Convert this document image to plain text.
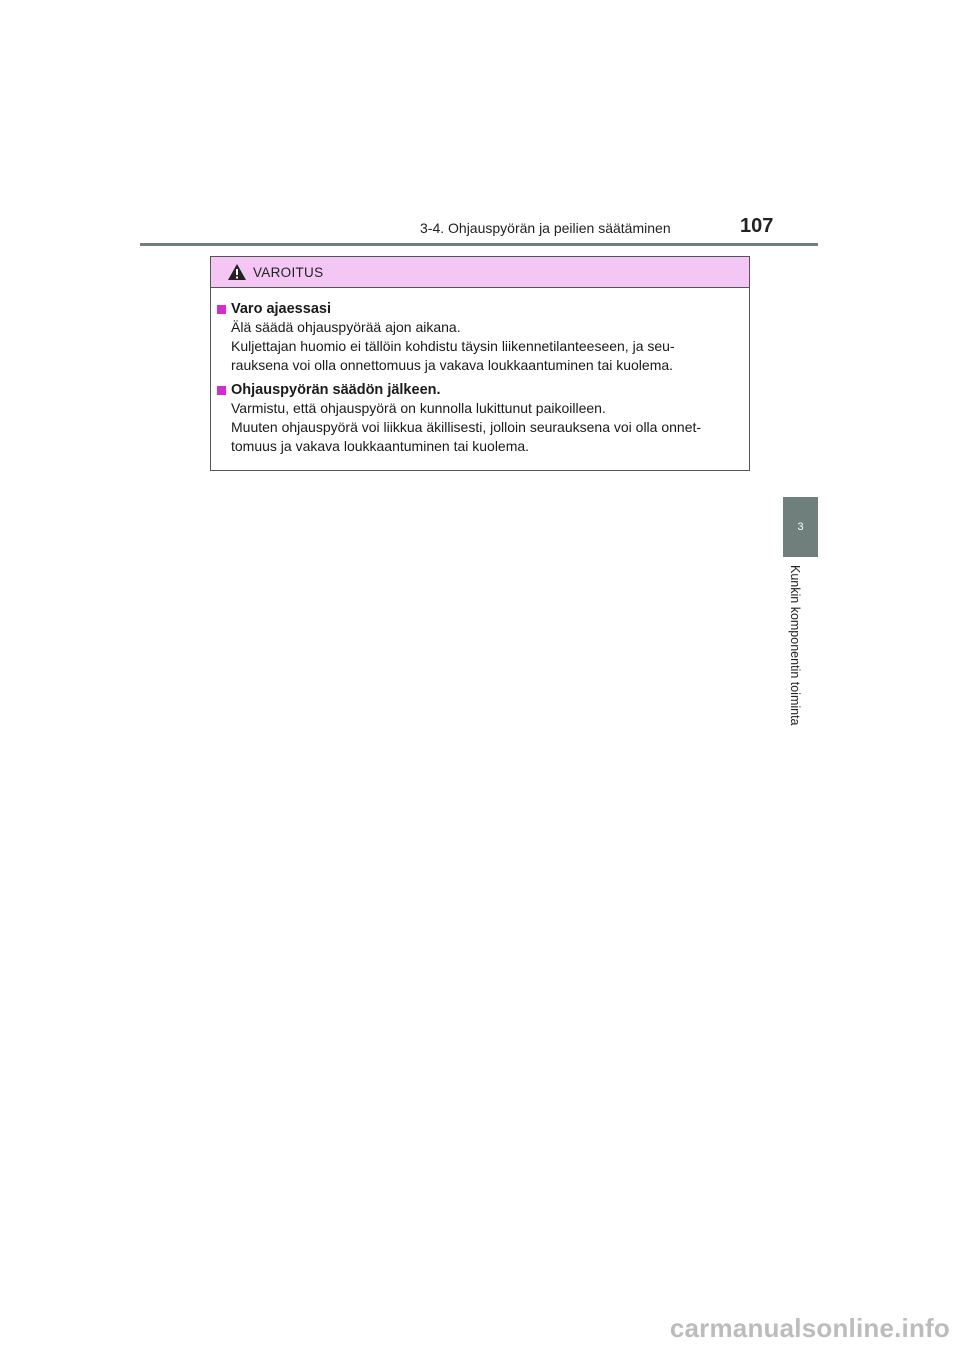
3-4. Ohjauspyörän ja peilien säätäminen	107
3
Kunkin komponentin toiminta
VAROITUS
Varo ajaessasi
Älä säädä ohjauspyörää ajon aikana.
Kuljettajan huomio ei tällöin kohdistu täysin liikennetilanteeseen, ja seu-
rauksena voi olla onnettomuus ja vakava loukkaantuminen tai kuolema.
Ohjauspyörän säädön jälkeen.
Varmistu, että ohjauspyörä on kunnolla lukittunut paikoilleen.
Muuten ohjauspyörä voi liikkua äkillisesti, jolloin seurauksena voi olla onnet-
tomuus ja vakava loukkaantuminen tai kuolema.
carmanualsonline.info
